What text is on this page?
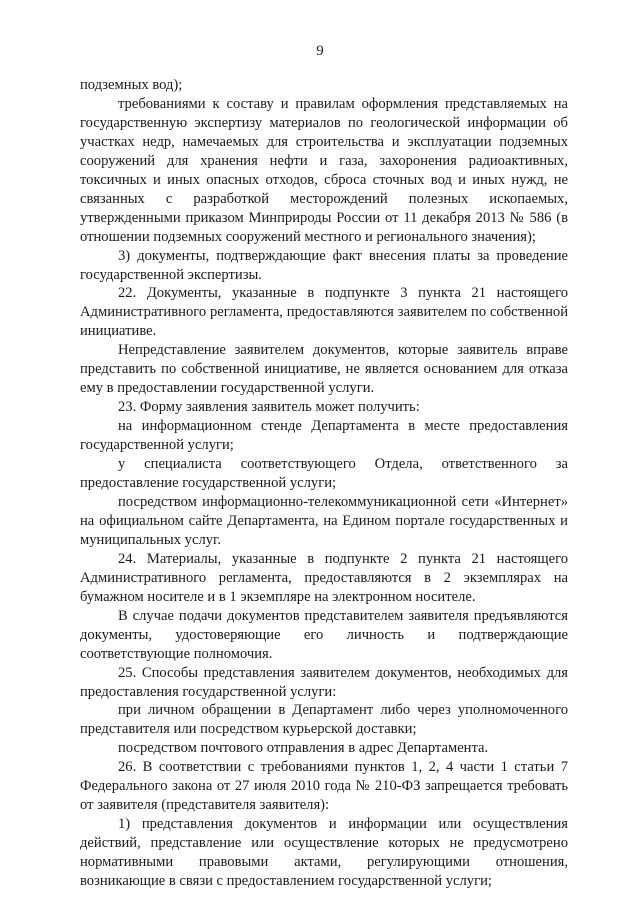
9

подземных вод);

требованиями к составу и правилам оформления представляемых на государственную экспертизу материалов по геологической информации об участках недр, намечаемых для строительства и эксплуатации подземных сооружений для хранения нефти и газа, захоронения радиоактивных, токсичных и иных опасных отходов, сброса сточных вод и иных нужд, не связанных с разработкой месторождений полезных ископаемых, утвержденными приказом Минприроды России от 11 декабря 2013 № 586 (в отношении подземных сооружений местного и регионального значения);

3) документы, подтверждающие факт внесения платы за проведение государственной экспертизы.

22. Документы, указанные в подпункте 3 пункта 21 настоящего Административного регламента, предоставляются заявителем по собственной инициативе.

Непредставление заявителем документов, которые заявитель вправе представить по собственной инициативе, не является основанием для отказа ему в предоставлении государственной услуги.

23. Форму заявления заявитель может получить:

на информационном стенде Департамента в месте предоставления государственной услуги;

у специалиста соответствующего Отдела, ответственного за предоставление государственной услуги;

посредством информационно-телекоммуникационной сети «Интернет» на официальном сайте Департамента, на Едином портале государственных и муниципальных услуг.

24. Материалы, указанные в подпункте 2 пункта 21 настоящего Административного регламента, предоставляются в 2 экземплярах на бумажном носителе и в 1 экземпляре на электронном носителе.

В случае подачи документов представителем заявителя предъявляются документы, удостоверяющие его личность и подтверждающие соответствующие полномочия.

25. Способы представления заявителем документов, необходимых для предоставления государственной услуги:

при личном обращении в Департамент либо через уполномоченного представителя или посредством курьерской доставки;

посредством почтового отправления в адрес Департамента.

26. В соответствии с требованиями пунктов 1, 2, 4 части 1 статьи 7 Федерального закона от 27 июля 2010 года № 210-ФЗ запрещается требовать от заявителя (представителя заявителя):

1) представления документов и информации или осуществления действий, представление или осуществление которых не предусмотрено нормативными правовыми актами, регулирующими отношения, возникающие в связи с предоставлением государственной услуги;
